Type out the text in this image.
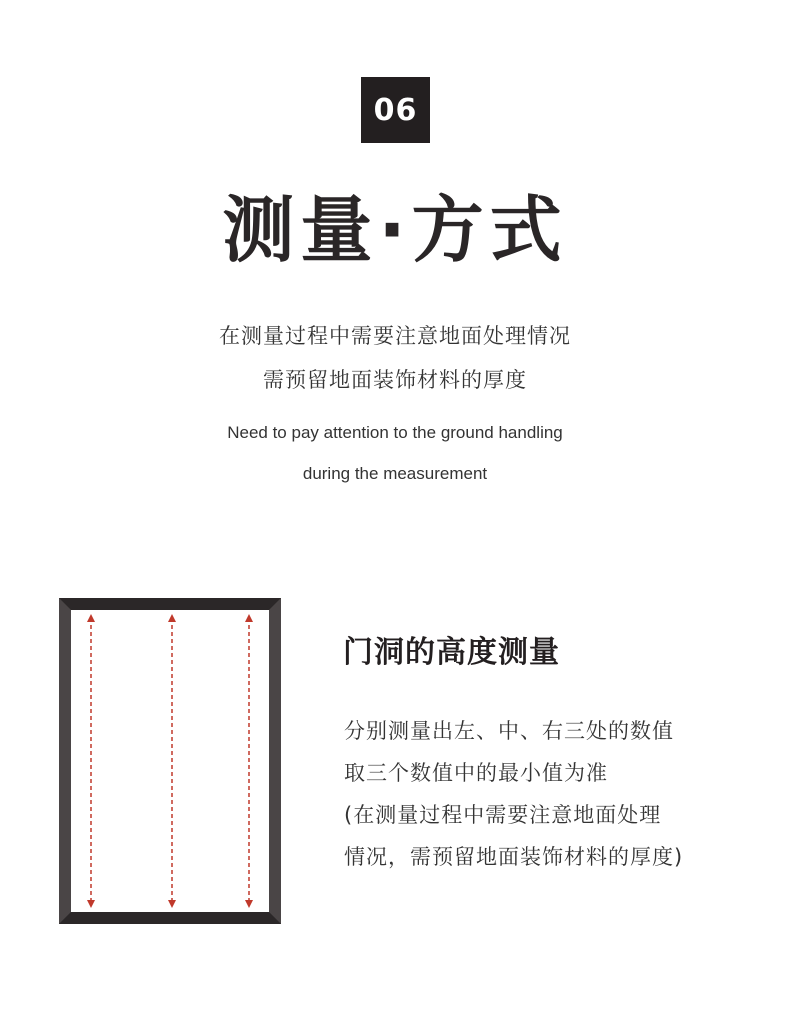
06
测量·方式
在测量过程中需要注意地面处理情况
需预留地面装饰材料的厚度
Need to pay attention to the ground handling
during the measurement
门洞的高度测量
分别测量出左、中、右三处的数值
取三个数值中的最小值为准
(在测量过程中需要注意地面处理
情况，需预留地面装饰材料的厚度)
